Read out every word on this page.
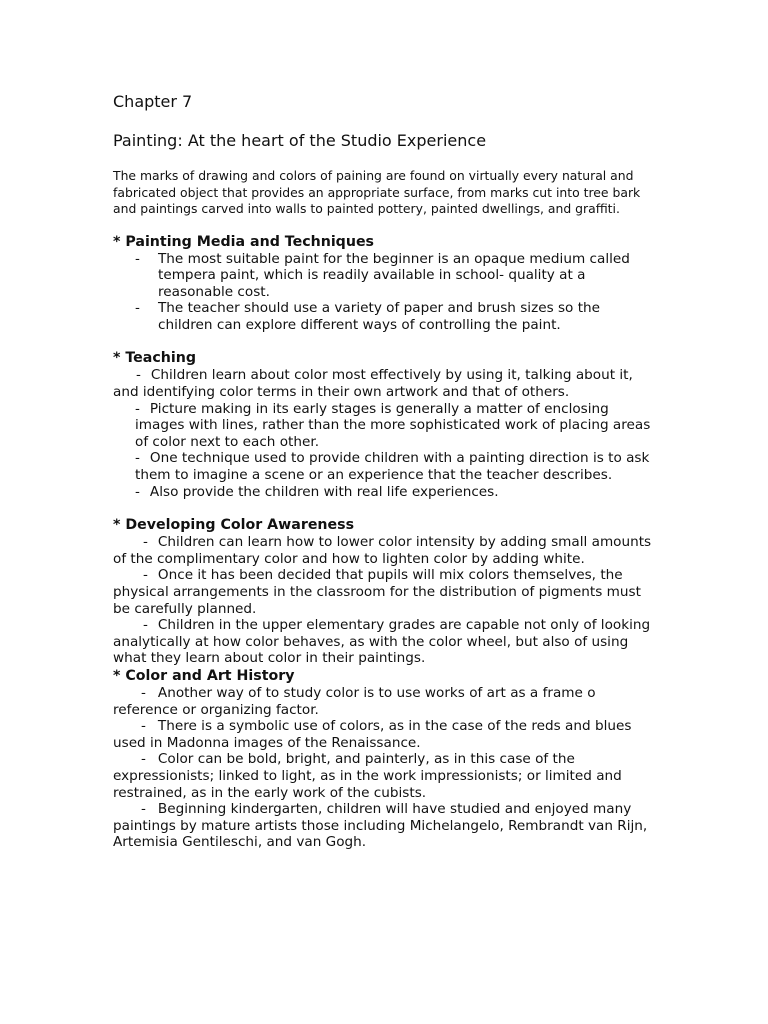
Chapter 7
Painting: At the heart of the Studio Experience

The marks of drawing and colors of paining are found on virtually every natural and fabricated object that provides an appropriate surface, from marks cut into tree bark and paintings carved into walls to painted pottery, painted dwellings, and graffiti.

* Painting Media and Techniques
- The most suitable paint for the beginner is an opaque medium called tempera paint, which is readily available in school- quality at a reasonable cost.
- The teacher should use a variety of paper and brush sizes so the children can explore different ways of controlling the paint.
* Teaching

- Children learn about color most effectively by using it, talking about it, and identifying color terms in their own artwork and that of others.

- Picture making in its early stages is generally a matter of enclosing images with lines, rather than the more sophisticated work of placing areas of color next to each other.

- One technique used to provide children with a painting direction is to ask them to imagine a scene or an experience that the teacher describes.

- Also provide the children with real life experiences.

* Developing Color Awareness

- Children can learn how to lower color intensity by adding small amounts of the complimentary color and how to lighten color by adding white.

- Once it has been decided that pupils will mix colors themselves, the physical arrangements in the classroom for the distribution of pigments must be carefully planned.

- Children in the upper elementary grades are capable not only of looking analytically at how color behaves, as with the color wheel, but also of using what they learn about color in their paintings.

* Color and Art History

- Another way of to study color is to use works of art as a frame o reference or organizing factor.

- There is a symbolic use of colors, as in the case of the reds and blues used in Madonna images of the Renaissance.

- Color can be bold, bright, and painterly, as in this case of the expressionists; linked to light, as in the work impressionists; or limited and restrained, as in the early work of the cubists.

- Beginning kindergarten, children will have studied and enjoyed many paintings by mature artists those including Michelangelo, Rembrandt van Rijn, Artemisia Gentileschi, and van Gogh.
